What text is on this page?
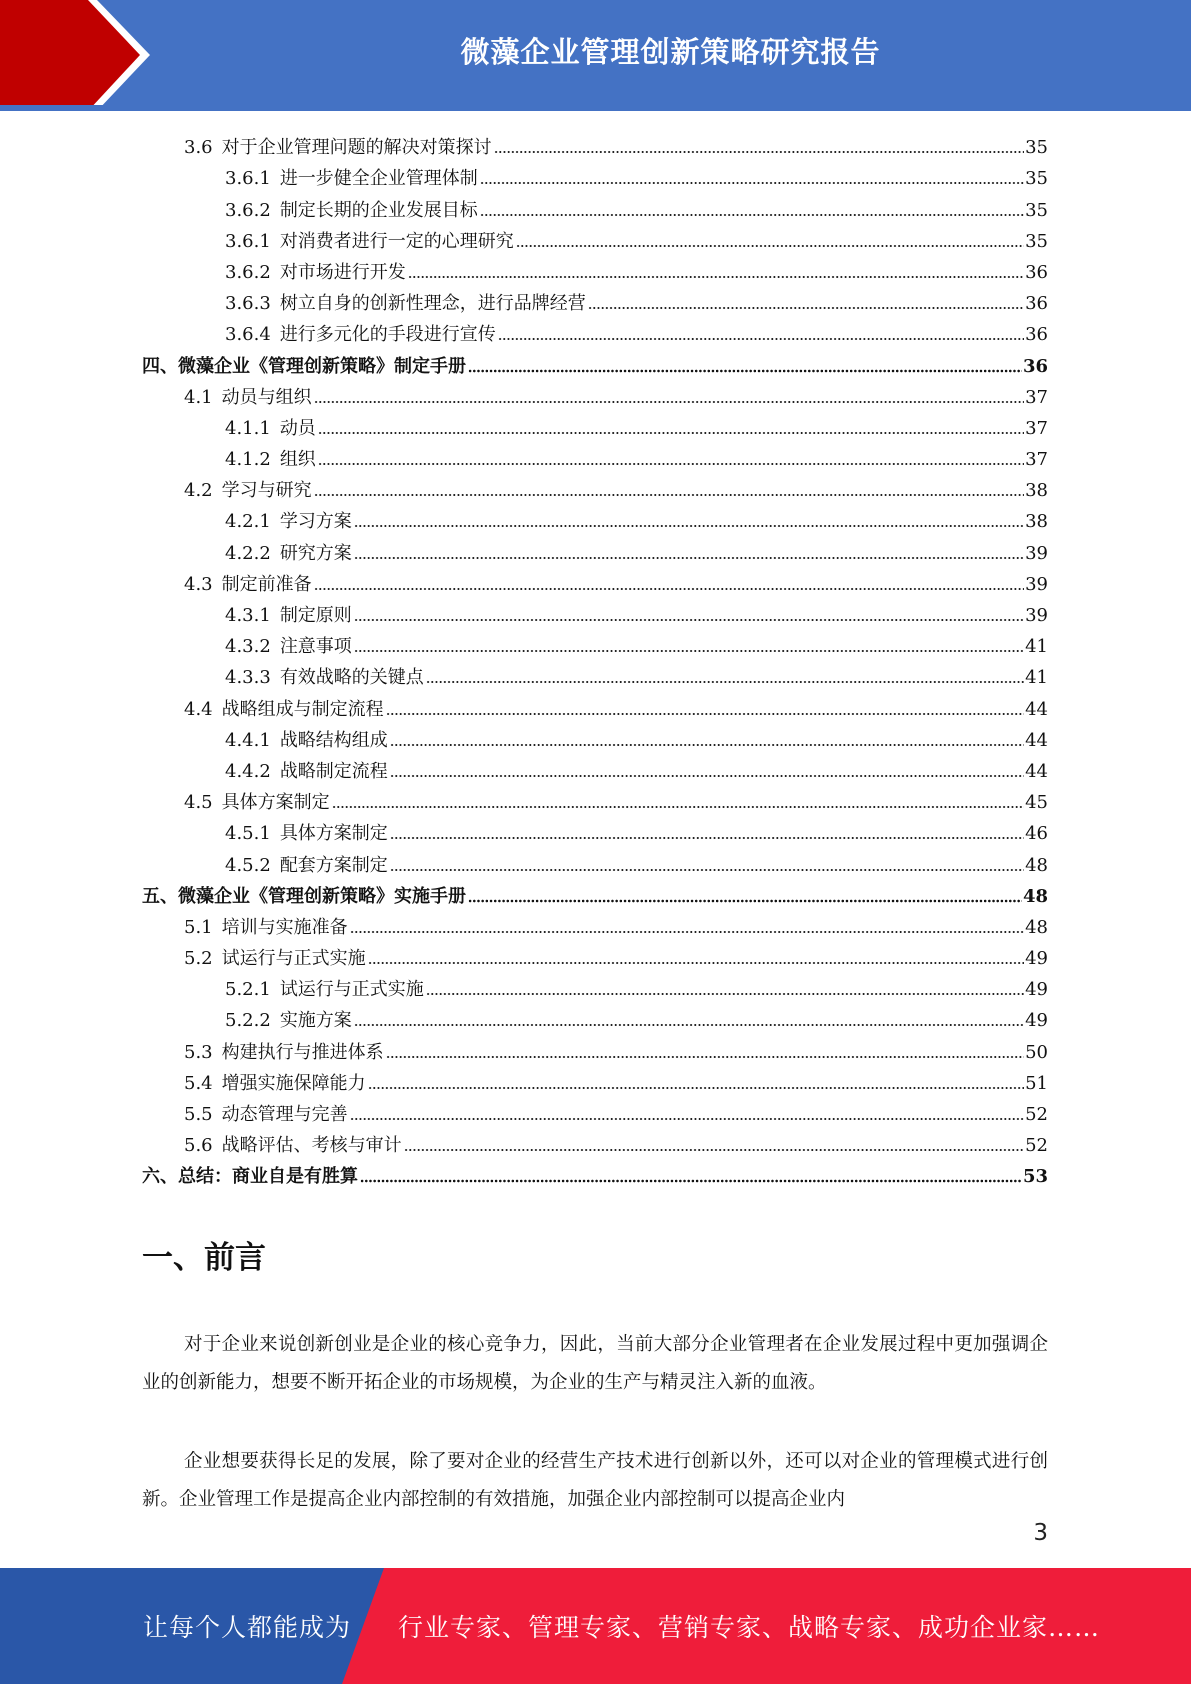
微藻企业管理创新策略研究报告
3.6 对于企业管理问题的解决对策探讨	35
3.6.1 进一步健全企业管理体制	35
3.6.2 制定长期的企业发展目标	35
3.6.1 对消费者进行一定的心理研究	35
3.6.2 对市场进行开发	36
3.6.3 树立自身的创新性理念，进行品牌经营	36
3.6.4 进行多元化的手段进行宣传	36
四、微藻企业《管理创新策略》制定手册	36
4.1 动员与组织	37
4.1.1 动员	37
4.1.2 组织	37
4.2 学习与研究	38
4.2.1 学习方案	38
4.2.2 研究方案	39
4.3 制定前准备	39
4.3.1 制定原则	39
4.3.2 注意事项	41
4.3.3 有效战略的关键点	41
4.4 战略组成与制定流程	44
4.4.1 战略结构组成	44
4.4.2 战略制定流程	44
4.5 具体方案制定	45
4.5.1 具体方案制定	46
4.5.2 配套方案制定	48
五、微藻企业《管理创新策略》实施手册	48
5.1 培训与实施准备	48
5.2 试运行与正式实施	49
5.2.1 试运行与正式实施	49
5.2.2 实施方案	49
5.3 构建执行与推进体系	50
5.4 增强实施保障能力	51
5.5 动态管理与完善	52
5.6 战略评估、考核与审计	52
六、总结：商业自是有胜算	53
一、前言

对于企业来说创新创业是企业的核心竞争力，因此，当前大部分企业管理者在企业发展过程中更加强调企业的创新能力，想要不断开拓企业的市场规模，为企业的生产与精灵注入新的血液。

企业想要获得长足的发展，除了要对企业的经营生产技术进行创新以外，还可以对企业的管理模式进行创新。企业管理工作是提高企业内部控制的有效措施，加强企业内部控制可以提高企业内

3
让每个人都能成为 行业专家、管理专家、营销专家、战略专家、成功企业家……
